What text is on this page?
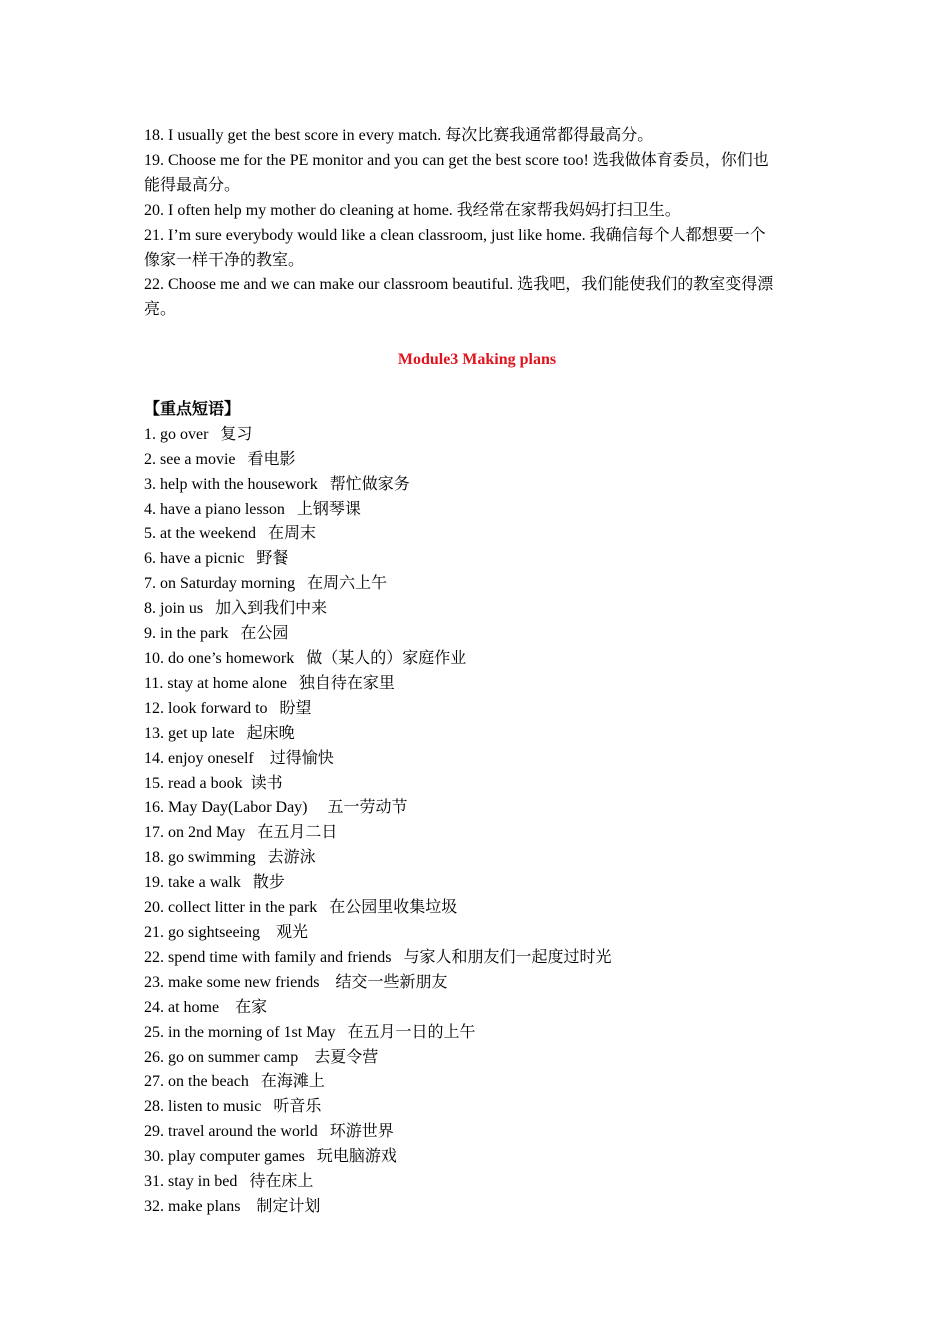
18. I usually get the best score in every match. 每次比赛我通常都得最高分。

19. Choose me for the PE monitor and you can get the best score too! 选我做体育委员，你们也

能得最高分。

20. I often help my mother do cleaning at home. 我经常在家帮我妈妈打扫卫生。

21. I’m sure everybody would like a clean classroom, just like home. 我确信每个人都想要一个

像家一样干净的教室。

22. Choose me and we can make our classroom beautiful. 选我吧，我们能使我们的教室变得漂

亮。

Module3 Making plans
【重点短语】
1. go over   复习
2. see a movie   看电影
3. help with the housework   帮忙做家务
4. have a piano lesson   上钢琴课
5. at the weekend   在周末
6. have a picnic   野餐
7. on Saturday morning   在周六上午
8. join us   加入到我们中来
9. in the park   在公园
10. do one’s homework   做（某人的）家庭作业
11. stay at home alone   独自待在家里
12. look forward to   盼望
13. get up late   起床晚
14. enjoy oneself    过得愉快
15. read a book  读书
16. May Day(Labor Day)     五一劳动节
17. on 2nd May   在五月二日
18. go swimming   去游泳
19. take a walk   散步
20. collect litter in the park   在公园里收集垃圾
21. go sightseeing    观光
22. spend time with family and friends   与家人和朋友们一起度过时光
23. make some new friends    结交一些新朋友
24. at home    在家
25. in the morning of 1st May   在五月一日的上午
26. go on summer camp    去夏令营
27. on the beach   在海滩上
28. listen to music   听音乐
29. travel around the world   环游世界
30. play computer games   玩电脑游戏
31. stay in bed   待在床上
32. make plans    制定计划
